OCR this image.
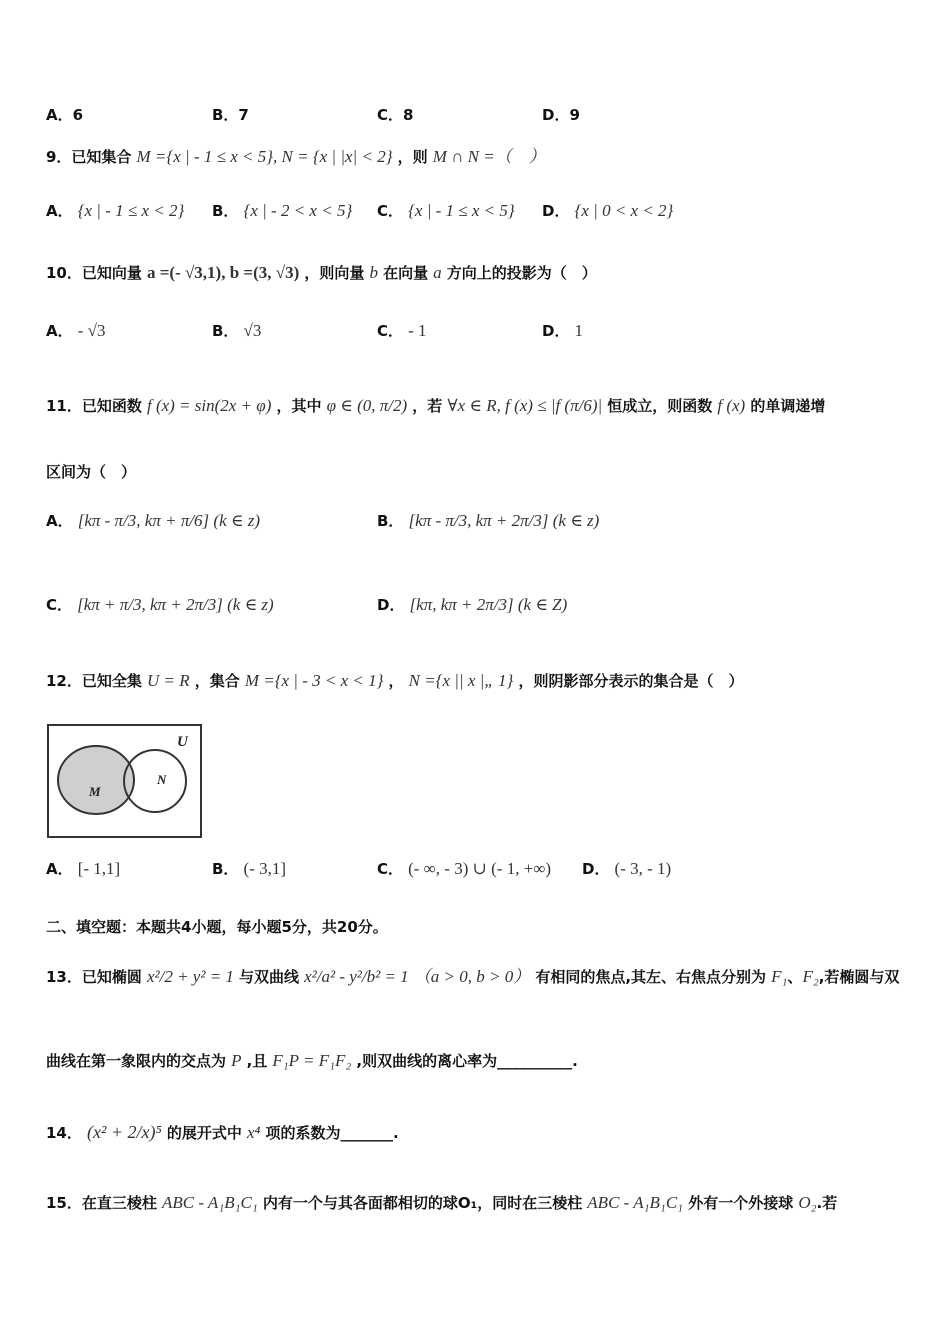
A．6	B．7	C．8	D．9
9．已知集合 M ={x | - 1 ≤ x < 5}, N = {x | |x| < 2} ，则 M ∩ N =（　）
A． {x | - 1 ≤ x < 2} B． {x | - 2 < x < 5} C． {x | - 1 ≤ x < 5} D． {x | 0 < x < 2}
10．已知向量 a =(- √3,1), b =(3, √3) ，则向量 b 在向量 a 方向上的投影为（　）
A． - √3	B． √3	C． - 1	D． 1
11．已知函数 f (x) = sin(2x + φ) ，其中 φ ∈ (0, π/2) ，若 ∀x ∈ R, f (x) ≤ |f (π/6)| 恒成立，则函数 f (x) 的单调递增
区间为（　）
A． [kπ - π/3, kπ + π/6] (k ∈ z)	B． [kπ - π/3, kπ + 2π/3] (k ∈ z)
C． [kπ + π/3, kπ + 2π/3] (k ∈ z)	D． [kπ, kπ + 2π/3] (k ∈ Z)
12．已知全集 U = R ，集合 M ={x | - 3 < x < 1} ， N ={x || x |„ 1} ，则阴影部分表示的集合是（　）
U
M
N
A． [- 1,1]	B． (- 3,1]	C． (- ∞, - 3) ∪ (- 1, +∞) D． (- 3, - 1)
二、填空题：本题共4小题，每小题5分，共20分。
13．已知椭圆 x²/2 + y² = 1 与双曲线 x²/a² - y²/b² = 1 （a > 0, b > 0） 有相同的焦点,其左、右焦点分别为 F₁、F₂,若椭圆与双
曲线在第一象限内的交点为 P ,且 F₁P = F₁F₂ ,则双曲线的离心率为__________.
14． (x² + 2/x)⁵ 的展开式中 x⁴ 项的系数为_______.
15．在直三棱柱 ABC - A₁B₁C₁ 内有一个与其各面都相切的球O₁，同时在三棱柱 ABC - A₁B₁C₁ 外有一个外接球 O₂.若
